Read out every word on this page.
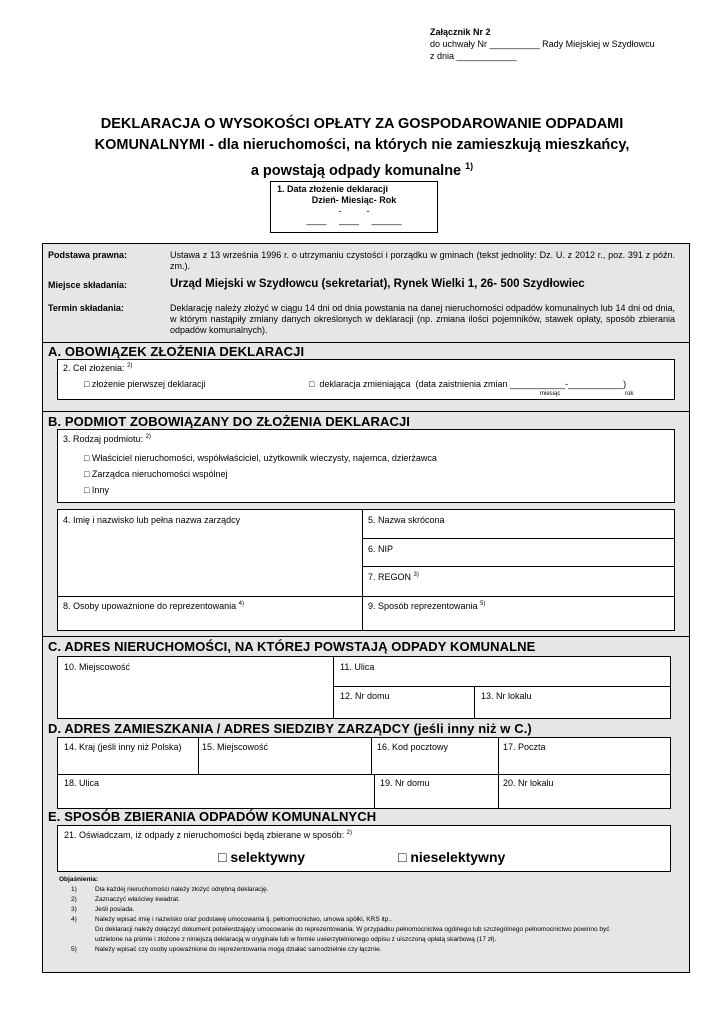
Załącznik Nr 2
do uchwały Nr __________ Rady Miejskiej w Szydłowcu
z dnia ____________
DEKLARACJA O WYSOKOŚCI OPŁATY ZA GOSPODAROWANIE ODPADAMI
KOMUNALNYMI - dla nieruchomości, na których nie zamieszkują mieszkańcy,
a powstają odpady komunalne $^{1)}$
1. Data złożenie deklaracji
Dzień- Miesiąc- Rok
-          -
____     ____     ______
Podstawa prawna:	Ustawa z 13 września 1996 r. o utrzymaniu czystości i porządku w gminach (tekst jednolity: Dz. U. z 2012 r., poz. 391 z późn. zm.).
Miejsce składania:	Urząd Miejski w Szydłowcu (sekretariat), Rynek Wielki 1, 26- 500 Szydłowiec
Termin składania:	Deklarację należy złożyć w ciągu 14 dni od dnia powstania na danej nieruchomości odpadów komunalnych lub 14 dni od dnia, w którym nastąpiły zmiany danych określonych w deklaracji (np. zmiana ilości pojemników, stawek opłaty, sposób zbierania odpadów komunalnych).
A. OBOWIĄZEK ZŁOŻENIA DEKLARACJI
2. Cel złożenia: $^{2)}$
□ złożenie pierwszej deklaracji	□  deklaracja zmieniająca  (data zaistnienia zmian ___________-___________)
miesiąc	rok
B. PODMIOT ZOBOWIĄZANY DO ZŁOŻENIA DEKLARACJI
3. Rodzaj podmiotu: $^{2)}$
□ Właściciel nieruchomości, współwłaściciel, użytkownik wieczysty, najemca, dzierżawca
□ Zarządca nieruchomości wspólnej
□ Inny
4. Imię i nazwisko lub pełna nazwa zarządcy	5. Nazwa skrócona
6. NIP
7. REGON $^{3)}$
8. Osoby upoważnione do reprezentowania $^{4)}$	9. Sposób reprezentowania $^{5)}$
C. ADRES NIERUCHOMOŚCI, NA KTÓREJ POWSTAJĄ ODPADY KOMUNALNE
10. Miejscowość	11. Ulica
12. Nr domu	13. Nr lokalu
D. ADRES ZAMIESZKANIA / ADRES SIEDZIBY ZARZĄDCY (jeśli inny niż w C.)
14. Kraj (jeśli inny niż Polska) 15. Miejscowość	16. Kod pocztowy	17. Poczta
18. Ulica	19. Nr domu	20. Nr lokalu
E. SPOSÓB ZBIERANIA ODPADÓW KOMUNALNYCH
21. Oświadczam, iż odpady z nieruchomości będą zbierane w sposób: $^{2)}$
□ selektywny	□ nieselektywny
Objaśnienia:
1)	Dla każdej nieruchomości należy złożyć odrębną deklarację.
2)	Zaznaczyć właściwy kwadrat.
3)	Jeśli posiada.
4)	Należy wpisać imię i nazwisko oraz podstawę umocowania tj. pełnomocnictwo, umowa spółki, KRS itp..
Do deklaracji należy dołączyć dokument potwierdzający umocowanie do reprezentowania. W przypadku pełnomocnictwa ogólnego lub szczególnego pełnomocnictwo powinno być
udzielone na piśmie i złożone z niniejszą deklaracją w oryginale lub w formie uwierzytelnionego odpisu z uiszczoną opłatą skarbową (17 zł).
5)	Należy wpisać czy osoby upoważnione do reprezentowania mogą działać samodzielnie czy łącznie.
